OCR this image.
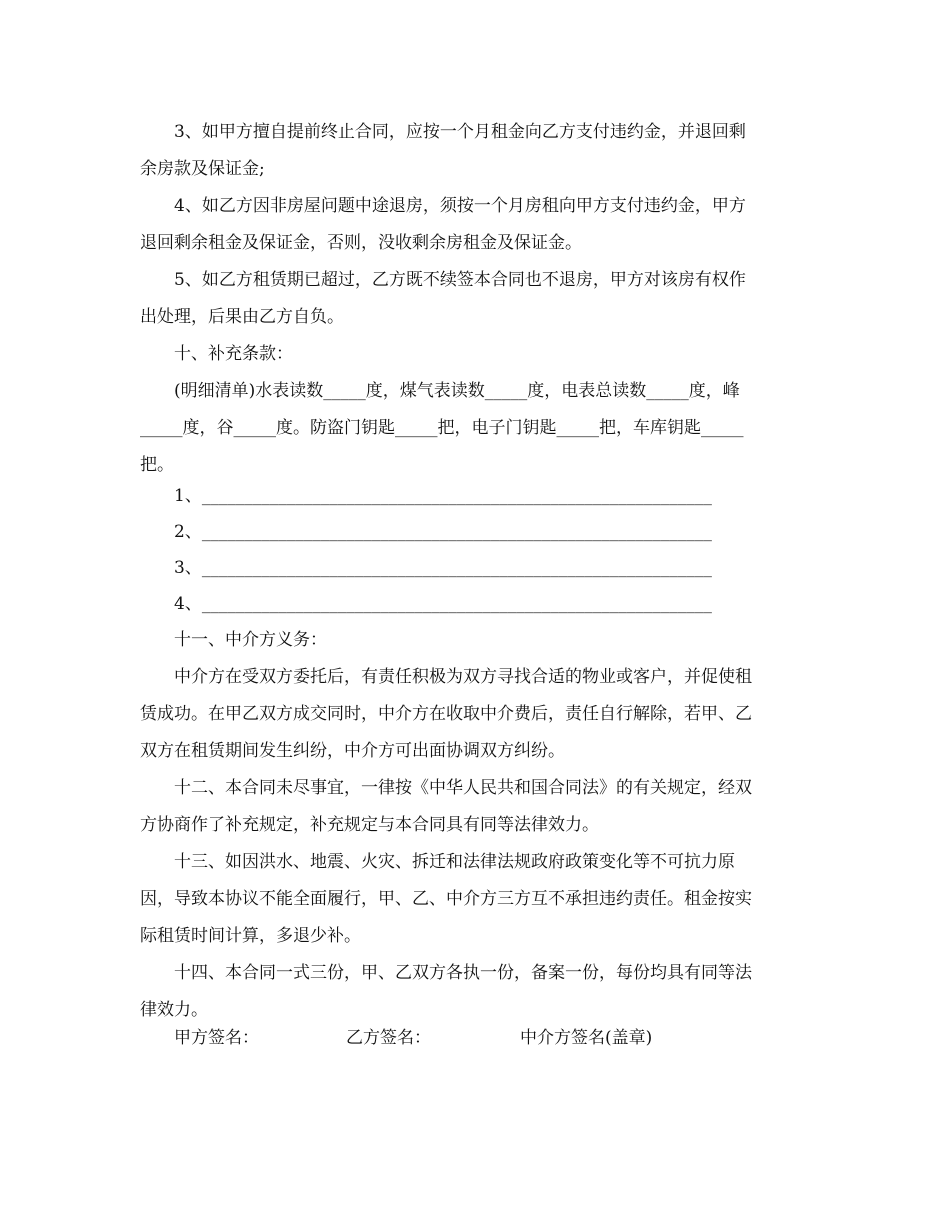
3、如甲方擅自提前终止合同，应按一个月租金向乙方支付违约金，并退回剩
余房款及保证金;
4、如乙方因非房屋问题中途退房，须按一个月房租向甲方支付违约金，甲方
退回剩余租金及保证金，否则，没收剩余房租金及保证金。
5、如乙方租赁期已超过，乙方既不续签本合同也不退房，甲方对该房有权作
出处理，后果由乙方自负。
十、补充条款：
(明细清单)水表读数_____度，煤气表读数_____度，电表总读数_____度，峰
_____度，谷_____度。防盗门钥匙_____把，电子门钥匙_____把，车库钥匙_____
把。
1、____________________________________________________________
2、____________________________________________________________
3、____________________________________________________________
4、____________________________________________________________
十一、中介方义务：
中介方在受双方委托后，有责任积极为双方寻找合适的物业或客户，并促使租
赁成功。在甲乙双方成交同时，中介方在收取中介费后，责任自行解除，若甲、乙
双方在租赁期间发生纠纷，中介方可出面协调双方纠纷。
十二、本合同未尽事宜，一律按《中华人民共和国合同法》的有关规定，经双
方协商作了补充规定，补充规定与本合同具有同等法律效力。
十三、如因洪水、地震、火灾、拆迁和法律法规政府政策变化等不可抗力原
因，导致本协议不能全面履行，甲、乙、中介方三方互不承担违约责任。租金按实
际租赁时间计算，多退少补。
十四、本合同一式三份，甲、乙双方各执一份，备案一份，每份均具有同等法
律效力。
甲方签名：	乙方签名：	中介方签名(盖章)
